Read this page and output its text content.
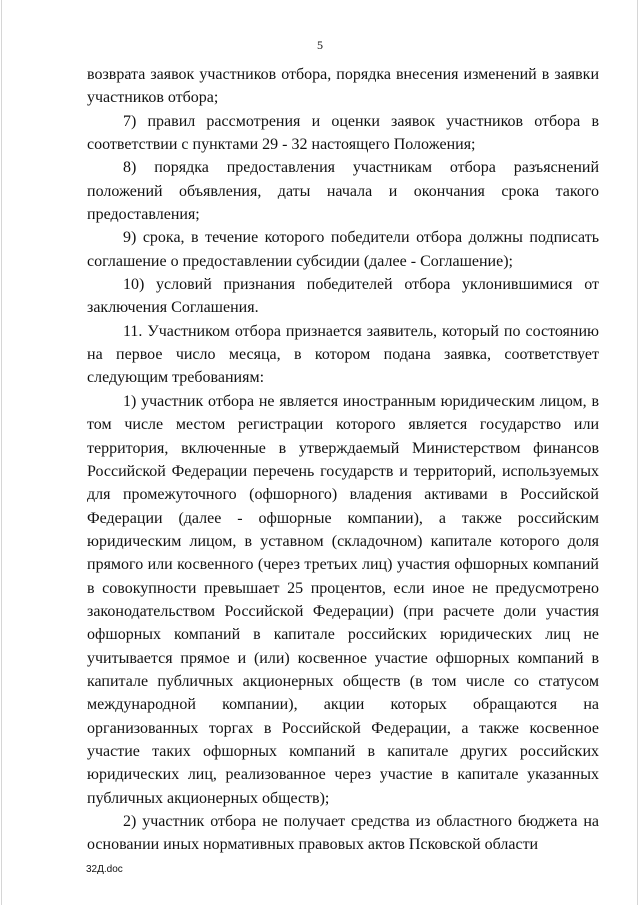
5

возврата заявок участников отбора, порядка внесения изменений в заявки участников отбора;

7) правил рассмотрения и оценки заявок участников отбора в соответствии с пунктами 29 - 32 настоящего Положения;

8) порядка предоставления участникам отбора разъяснений положений объявления, даты начала и окончания срока такого предоставления;

9) срока, в течение которого победители отбора должны подписать соглашение о предоставлении субсидии (далее - Соглашение);

10) условий признания победителей отбора уклонившимися от заключения Соглашения.

11. Участником отбора признается заявитель, который по состоянию на первое число месяца, в котором подана заявка, соответствует следующим требованиям:

1) участник отбора не является иностранным юридическим лицом, в том числе местом регистрации которого является государство или территория, включенные в утверждаемый Министерством финансов Российской Федерации перечень государств и территорий, используемых для промежуточного (офшорного) владения активами в Российской Федерации (далее - офшорные компании), а также российским юридическим лицом, в уставном (складочном) капитале которого доля прямого или косвенного (через третьих лиц) участия офшорных компаний в совокупности превышает 25 процентов, если иное не предусмотрено законодательством Российской Федерации) (при расчете доли участия офшорных компаний в капитале российских юридических лиц не учитывается прямое и (или) косвенное участие офшорных компаний в капитале публичных акционерных обществ (в том числе со статусом международной компании), акции которых обращаются на организованных торгах в Российской Федерации, а также косвенное участие таких офшорных компаний в капитале других российских юридических лиц, реализованное через участие в капитале указанных публичных акционерных обществ);

2) участник отбора не получает средства из областного бюджета на основании иных нормативных правовых актов Псковской области

32Д.doc
